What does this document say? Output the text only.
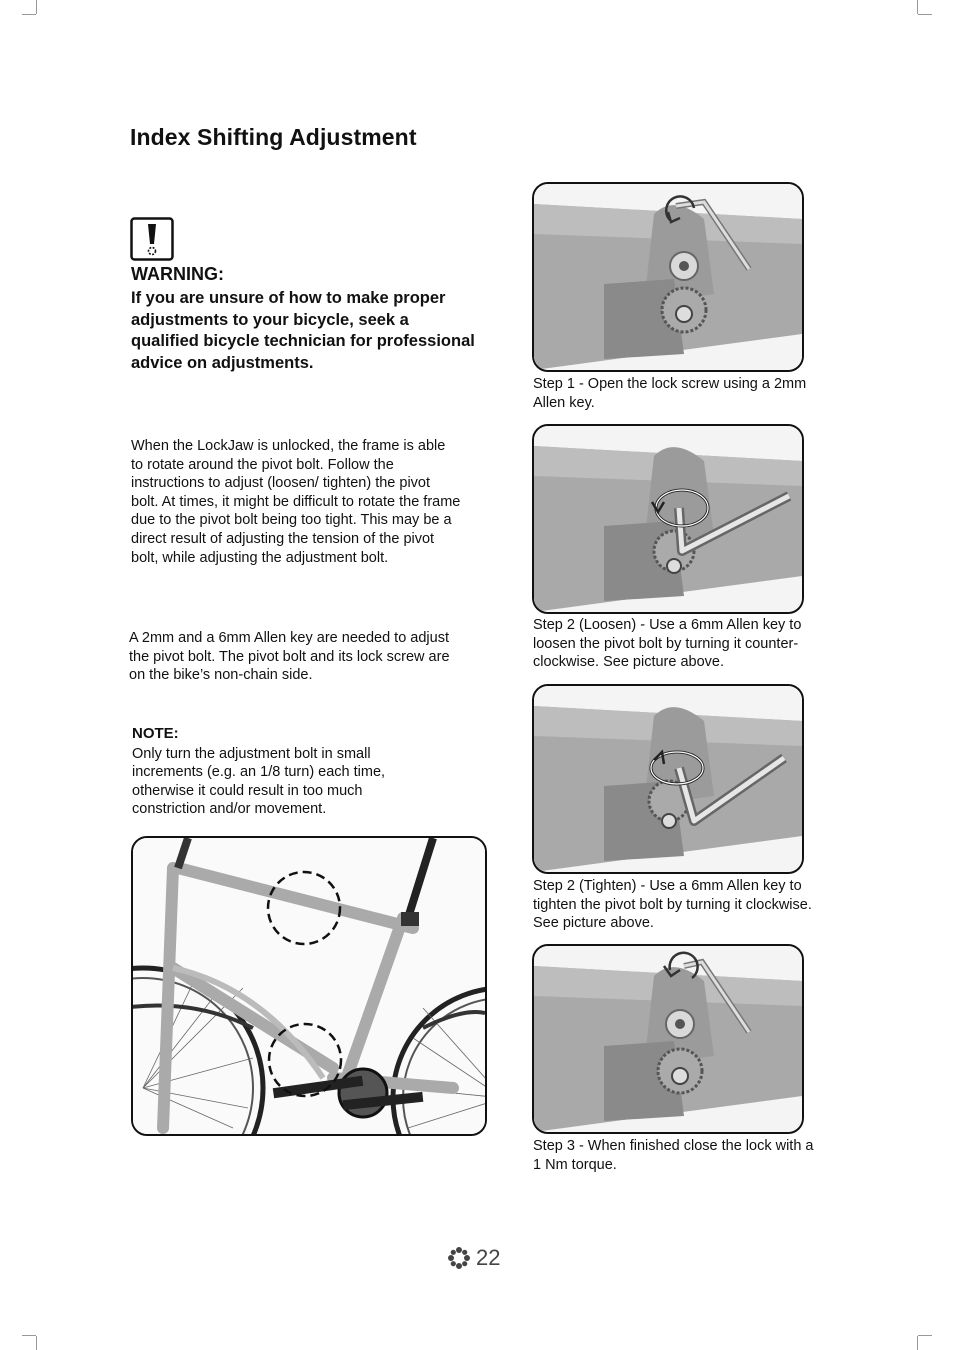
Index Shifting Adjustment
WARNING:
If you are unsure of how to make proper adjustments to your bicycle, seek a qualified bicycle technician for professional advice on adjustments.
When the LockJaw is unlocked, the frame is able to rotate around the pivot bolt. Follow the instructions to adjust (loosen/ tighten) the pivot bolt. At times, it might be difficult to rotate the frame due to the pivot bolt being too tight. This may be a direct result of adjusting the tension of the pivot bolt, while adjusting the adjustment bolt.
A 2mm and a 6mm Allen key are needed to adjust the pivot bolt. The pivot bolt and its lock screw are on the bike’s non-chain side.
NOTE:
Only turn the adjustment bolt in small increments (e.g. an 1/8 turn) each time, otherwise it could result in too much constriction and/or movement.
Step 1 - Open the lock screw using a 2mm Allen key.
Step 2 (Loosen) - Use a 6mm Allen key to loosen the pivot bolt by turning it counter-clockwise. See picture above.
Step 2 (Tighten) - Use a 6mm Allen key to tighten the pivot bolt by turning it clockwise. See picture above.
Step 3 - When finished close the lock with a 1 Nm torque.
22
